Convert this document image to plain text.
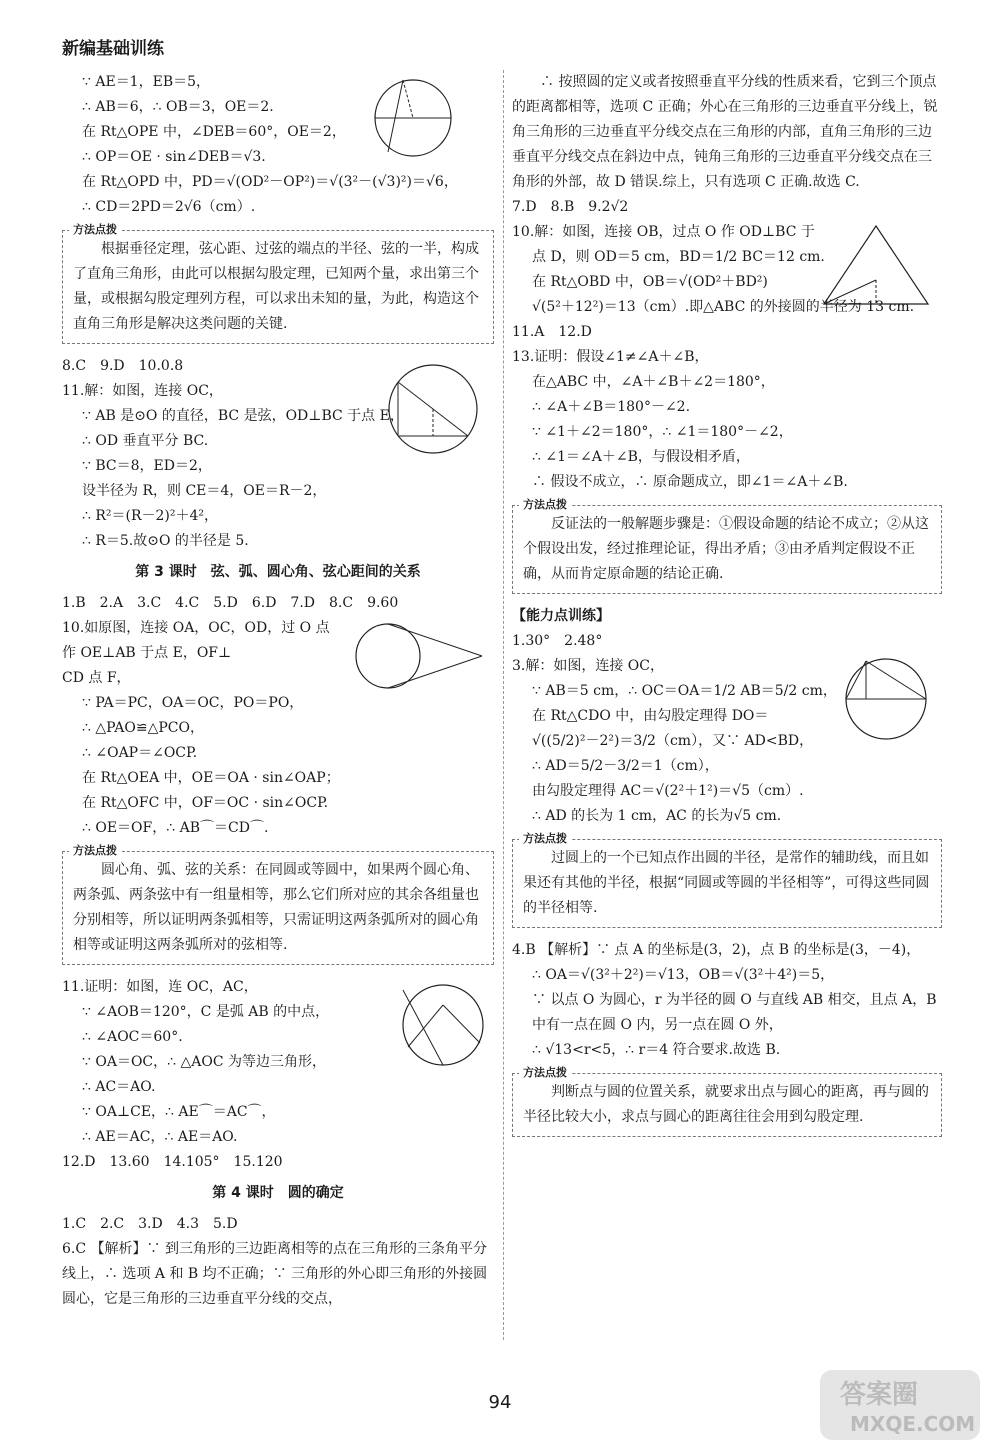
新编基础训练

∵ AE＝1，EB＝5，

∴ AB＝6，∴ OB＝3，OE＝2.

在 Rt△OPE 中，∠DEB＝60°，OE＝2，

∴ OP＝OE · sin∠DEB＝√3.

在 Rt△OPD 中，PD＝√(OD²－OP²)＝√(3²－(√3)²)＝√6，

∴ CD＝2PD＝2√6（cm）.

方法点拨

根据垂径定理，弦心距、过弦的端点的半径、弦的一半，构成了直角三角形，由此可以根据勾股定理，已知两个量，求出第三个量，或根据勾股定理列方程，可以求出未知的量，为此，构造这个直角三角形是解决这类问题的关键.

8.C　9.D　10.0.8

11.解：如图，连接 OC，

∵ AB 是⊙O 的直径，BC 是弦，OD⊥BC 于点 E，

∴ OD 垂直平分 BC.

∵ BC＝8，ED＝2，

设半径为 R，则 CE＝4，OE＝R－2，

∴ R²＝(R－2)²＋4²，

∴ R＝5.故⊙O 的半径是 5.

第 3 课时　弦、弧、圆心角、弦心距间的关系

1.B　2.A　3.C　4.C　5.D　6.D　7.D　8.C　9.60

10.如原图，连接 OA，OC，OD，过 O 点作 OE⊥AB 于点 E，OF⊥

CD 点 F，

∵ PA＝PC，OA＝OC，PO＝PO，

∴ △PAO≌△PCO，

∴ ∠OAP＝∠OCP.

在 Rt△OEA 中，OE＝OA · sin∠OAP；

在 Rt△OFC 中，OF＝OC · sin∠OCP.

∴ OE＝OF，∴ AB⌒＝CD⌒.

方法点拨

圆心角、弧、弦的关系：在同圆或等圆中，如果两个圆心角、两条弧、两条弦中有一组量相等，那么它们所对应的其余各组量也分别相等，所以证明两条弧相等，只需证明这两条弧所对的圆心角相等或证明这两条弧所对的弦相等.

11.证明：如图，连 OC，AC，

∵ ∠AOB＝120°，C 是弧 AB 的中点，

∴ ∠AOC＝60°.

∵ OA＝OC，∴ △AOC 为等边三角形，

∴ AC＝AO.

∵ OA⊥CE，∴ AE⌒＝AC⌒，

∴ AE＝AC，∴ AE＝AO.

12.D　13.60　14.105°　15.120

第 4 课时　圆的确定

1.C　2.C　3.D　4.3　5.D

6.C 【解析】∵ 到三角形的三边距离相等的点在三角形的三条角平分线上，∴ 选项 A 和 B 均不正确；∵ 三角形的外心即三角形的外接圆圆心，它是三角形的三边垂直平分线的交点，

∴ 按照圆的定义或者按照垂直平分线的性质来看，它到三个顶点的距离都相等，选项 C 正确；外心在三角形的三边垂直平分线上，锐角三角形的三边垂直平分线交点在三角形的内部，直角三角形的三边垂直平分线交点在斜边中点，钝角三角形的三边垂直平分线交点在三角形的外部，故 D 错误.综上，只有选项 C 正确.故选 C.

7.D　8.B　9.2√2

10.解：如图，连接 OB，过点 O 作 OD⊥BC 于

点 D，则 OD＝5 cm，BD＝1/2 BC＝12 cm.

在 Rt△OBD 中，OB＝√(OD²＋BD²)

√(5²＋12²)＝13（cm）.即△ABC 的外接圆的半径为 13 cm.

11.A　12.D

13.证明：假设∠1≠∠A＋∠B，

在△ABC 中，∠A＋∠B＋∠2＝180°，

∴ ∠A＋∠B＝180°－∠2.

∵ ∠1＋∠2＝180°，∴ ∠1＝180°－∠2，

∴ ∠1＝∠A＋∠B，与假设相矛盾，

∴ 假设不成立，∴ 原命题成立，即∠1＝∠A＋∠B.

方法点拨

反证法的一般解题步骤是：①假设命题的结论不成立；②从这个假设出发，经过推理论证，得出矛盾；③由矛盾判定假设不正确，从而肯定原命题的结论正确.

【能力点训练】

1.30°　2.48°

3.解：如图，连接 OC，

∵ AB＝5 cm，∴ OC＝OA＝1/2 AB＝5/2 cm，

在 Rt△CDO 中，由勾股定理得 DO＝

√((5/2)²－2²)＝3/2（cm），又∵ AD<BD，

∴ AD＝5/2－3/2＝1（cm），

由勾股定理得 AC＝√(2²＋1²)＝√5（cm）.

∴ AD 的长为 1 cm，AC 的长为√5 cm.

方法点拨

过圆上的一个已知点作出圆的半径，是常作的辅助线，而且如果还有其他的半径，根据“同圆或等圆的半径相等”，可得这些同圆的半径相等.

4.B 【解析】∵ 点 A 的坐标是(3，2)，点 B 的坐标是(3，－4)，

∴ OA＝√(3²＋2²)＝√13，OB＝√(3²＋4²)＝5，

∵ 以点 O 为圆心，r 为半径的圆 O 与直线 AB 相交，且点 A，B

中有一点在圆 O 内，另一点在圆 O 外，

∴ √13<r<5，∴ r＝4 符合要求.故选 B.

方法点拨

判断点与圆的位置关系，就要求出点与圆心的距离，再与圆的半径比较大小，求点与圆心的距离往往会用到勾股定理.

94	答案圈
MXQE.COM
